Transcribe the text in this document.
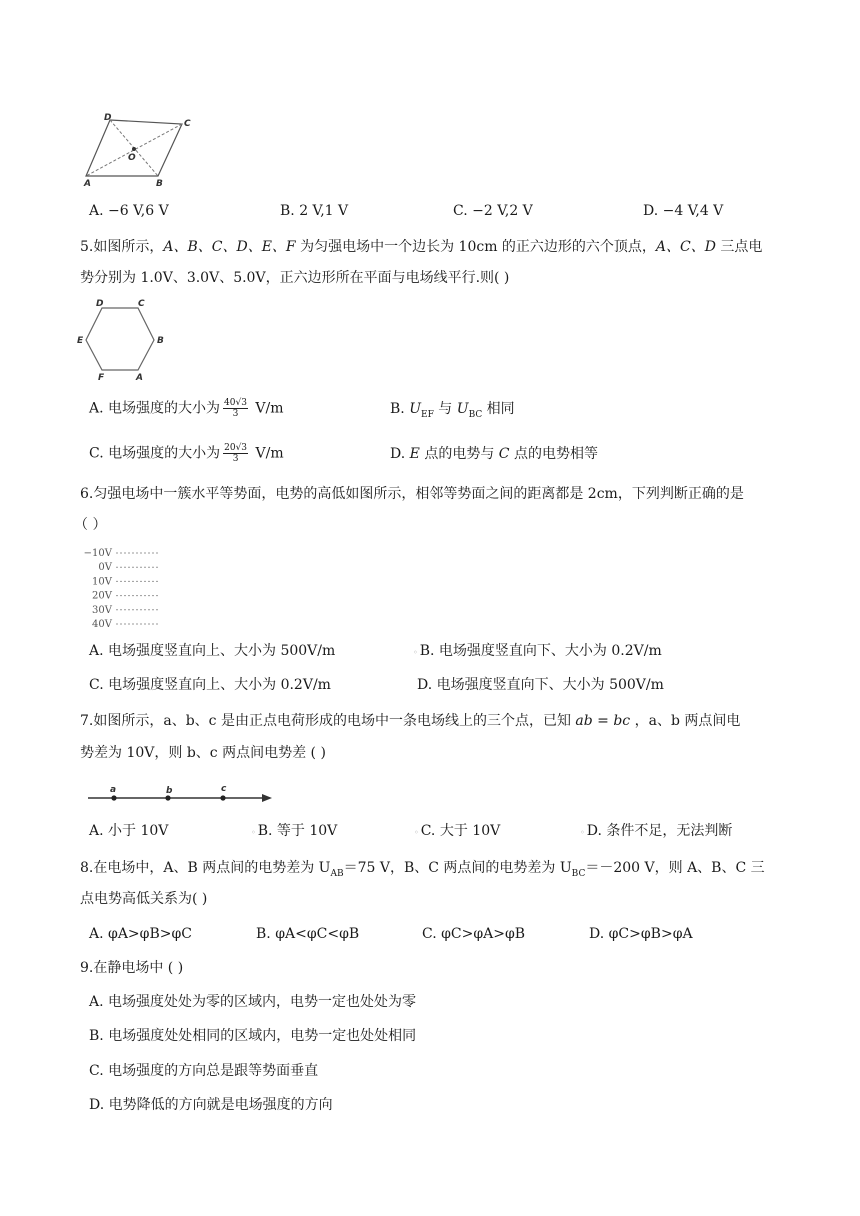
D
C
A	B
O
A. −6 V,6 V	B. 2 V,1 V	C. −2 V,2 V	D. −4 V,4 V
5.如图所示，A、B、C、D、E、F 为匀强电场中一个边长为 10cm 的正六边形的六个顶点，A、C、D 三点电
势分别为 1.0V、3.0V、5.0V，正六边形所在平面与电场线平行.则( )
D	C
E	B
F	A
A. 电场强度的大小为 $\frac{40√3}{3} V/m$	B. $U_{EF}$ 与 $U_{BC}$ 相同
C. 电场强度的大小为 $\frac{20√3}{3} V/m$	D. E 点的电势与 C 点的电势相等
6.匀强电场中一簇水平等势面，电势的高低如图所示，相邻等势面之间的距离都是 2cm，下列判断正确的是
（ ）
−10V
0V
10V
20V
30V
40V
A. 电场强度竖直向上、大小为 500V/m	◦ B. 电场强度竖直向下、大小为 0.2V/m
C. 电场强度竖直向上、大小为 0.2V/m	D. 电场强度竖直向下、大小为 500V/m
7.如图所示，a、b、c 是由正点电荷形成的电场中一条电场线上的三个点，已知 ab = bc ，a、b 两点间电
势差为 10V，则 b、c 两点间电势差 ( )
a	b	c
A. 小于 10V	◦ B. 等于 10V	◦ C. 大于 10V	◦ D. 条件不足，无法判断
8.在电场中，A、B 两点间的电势差为 $U_{AB}=75$ V，B、C 两点间的电势差为 $U_{BC}=-200$ V，则 A、B、C 三
点电势高低关系为( )
A. φA>φB>φC	B. φA<φC<φB	C. φC>φA>φB	D. φC>φB>φA
9.在静电场中 ( )
A. 电场强度处处为零的区域内，电势一定也处处为零
B. 电场强度处处相同的区域内，电势一定也处处相同
C. 电场强度的方向总是跟等势面垂直
D. 电势降低的方向就是电场强度的方向
